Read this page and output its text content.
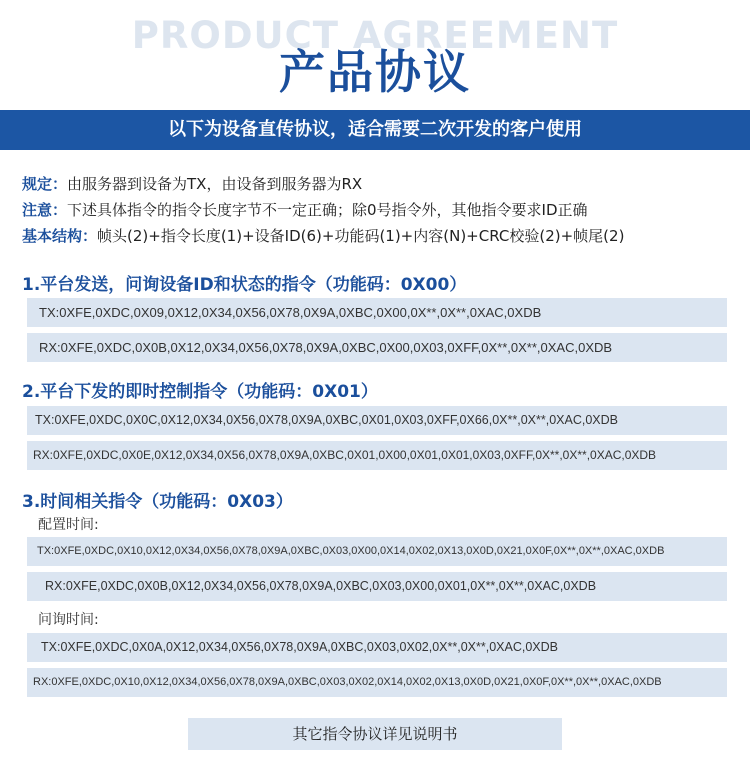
PRODUCT AGREEMENT
产品协议
以下为设备直传协议，适合需要二次开发的客户使用
规定：由服务器到设备为TX，由设备到服务器为RX
注意：下述具体指令的指令长度字节不一定正确；除0号指令外，其他指令要求ID正确
基本结构：帧头(2)+指令长度(1)+设备ID(6)+功能码(1)+内容(N)+CRC校验(2)+帧尾(2)
1.平台发送，问询设备ID和状态的指令（功能码：0X00）
TX:0XFE,0XDC,0X09,0X12,0X34,0X56,0X78,0X9A,0XBC,0X00,0X**,0X**,0XAC,0XDB
RX:0XFE,0XDC,0X0B,0X12,0X34,0X56,0X78,0X9A,0XBC,0X00,0X03,0XFF,0X**,0X**,0XAC,0XDB
2.平台下发的即时控制指令（功能码：0X01）
TX:0XFE,0XDC,0X0C,0X12,0X34,0X56,0X78,0X9A,0XBC,0X01,0X03,0XFF,0X66,0X**,0X**,0XAC,0XDB
RX:0XFE,0XDC,0X0E,0X12,0X34,0X56,0X78,0X9A,0XBC,0X01,0X00,0X01,0X01,0X03,0XFF,0X**,0X**,0XAC,0XDB
3.时间相关指令（功能码：0X03）
配置时间:
TX:0XFE,0XDC,0X10,0X12,0X34,0X56,0X78,0X9A,0XBC,0X03,0X00,0X14,0X02,0X13,0X0D,0X21,0X0F,0X**,0X**,0XAC,0XDB
RX:0XFE,0XDC,0X0B,0X12,0X34,0X56,0X78,0X9A,0XBC,0X03,0X00,0X01,0X**,0X**,0XAC,0XDB
问询时间:
TX:0XFE,0XDC,0X0A,0X12,0X34,0X56,0X78,0X9A,0XBC,0X03,0X02,0X**,0X**,0XAC,0XDB
RX:0XFE,0XDC,0X10,0X12,0X34,0X56,0X78,0X9A,0XBC,0X03,0X02,0X14,0X02,0X13,0X0D,0X21,0X0F,0X**,0X**,0XAC,0XDB
其它指令协议详见说明书
